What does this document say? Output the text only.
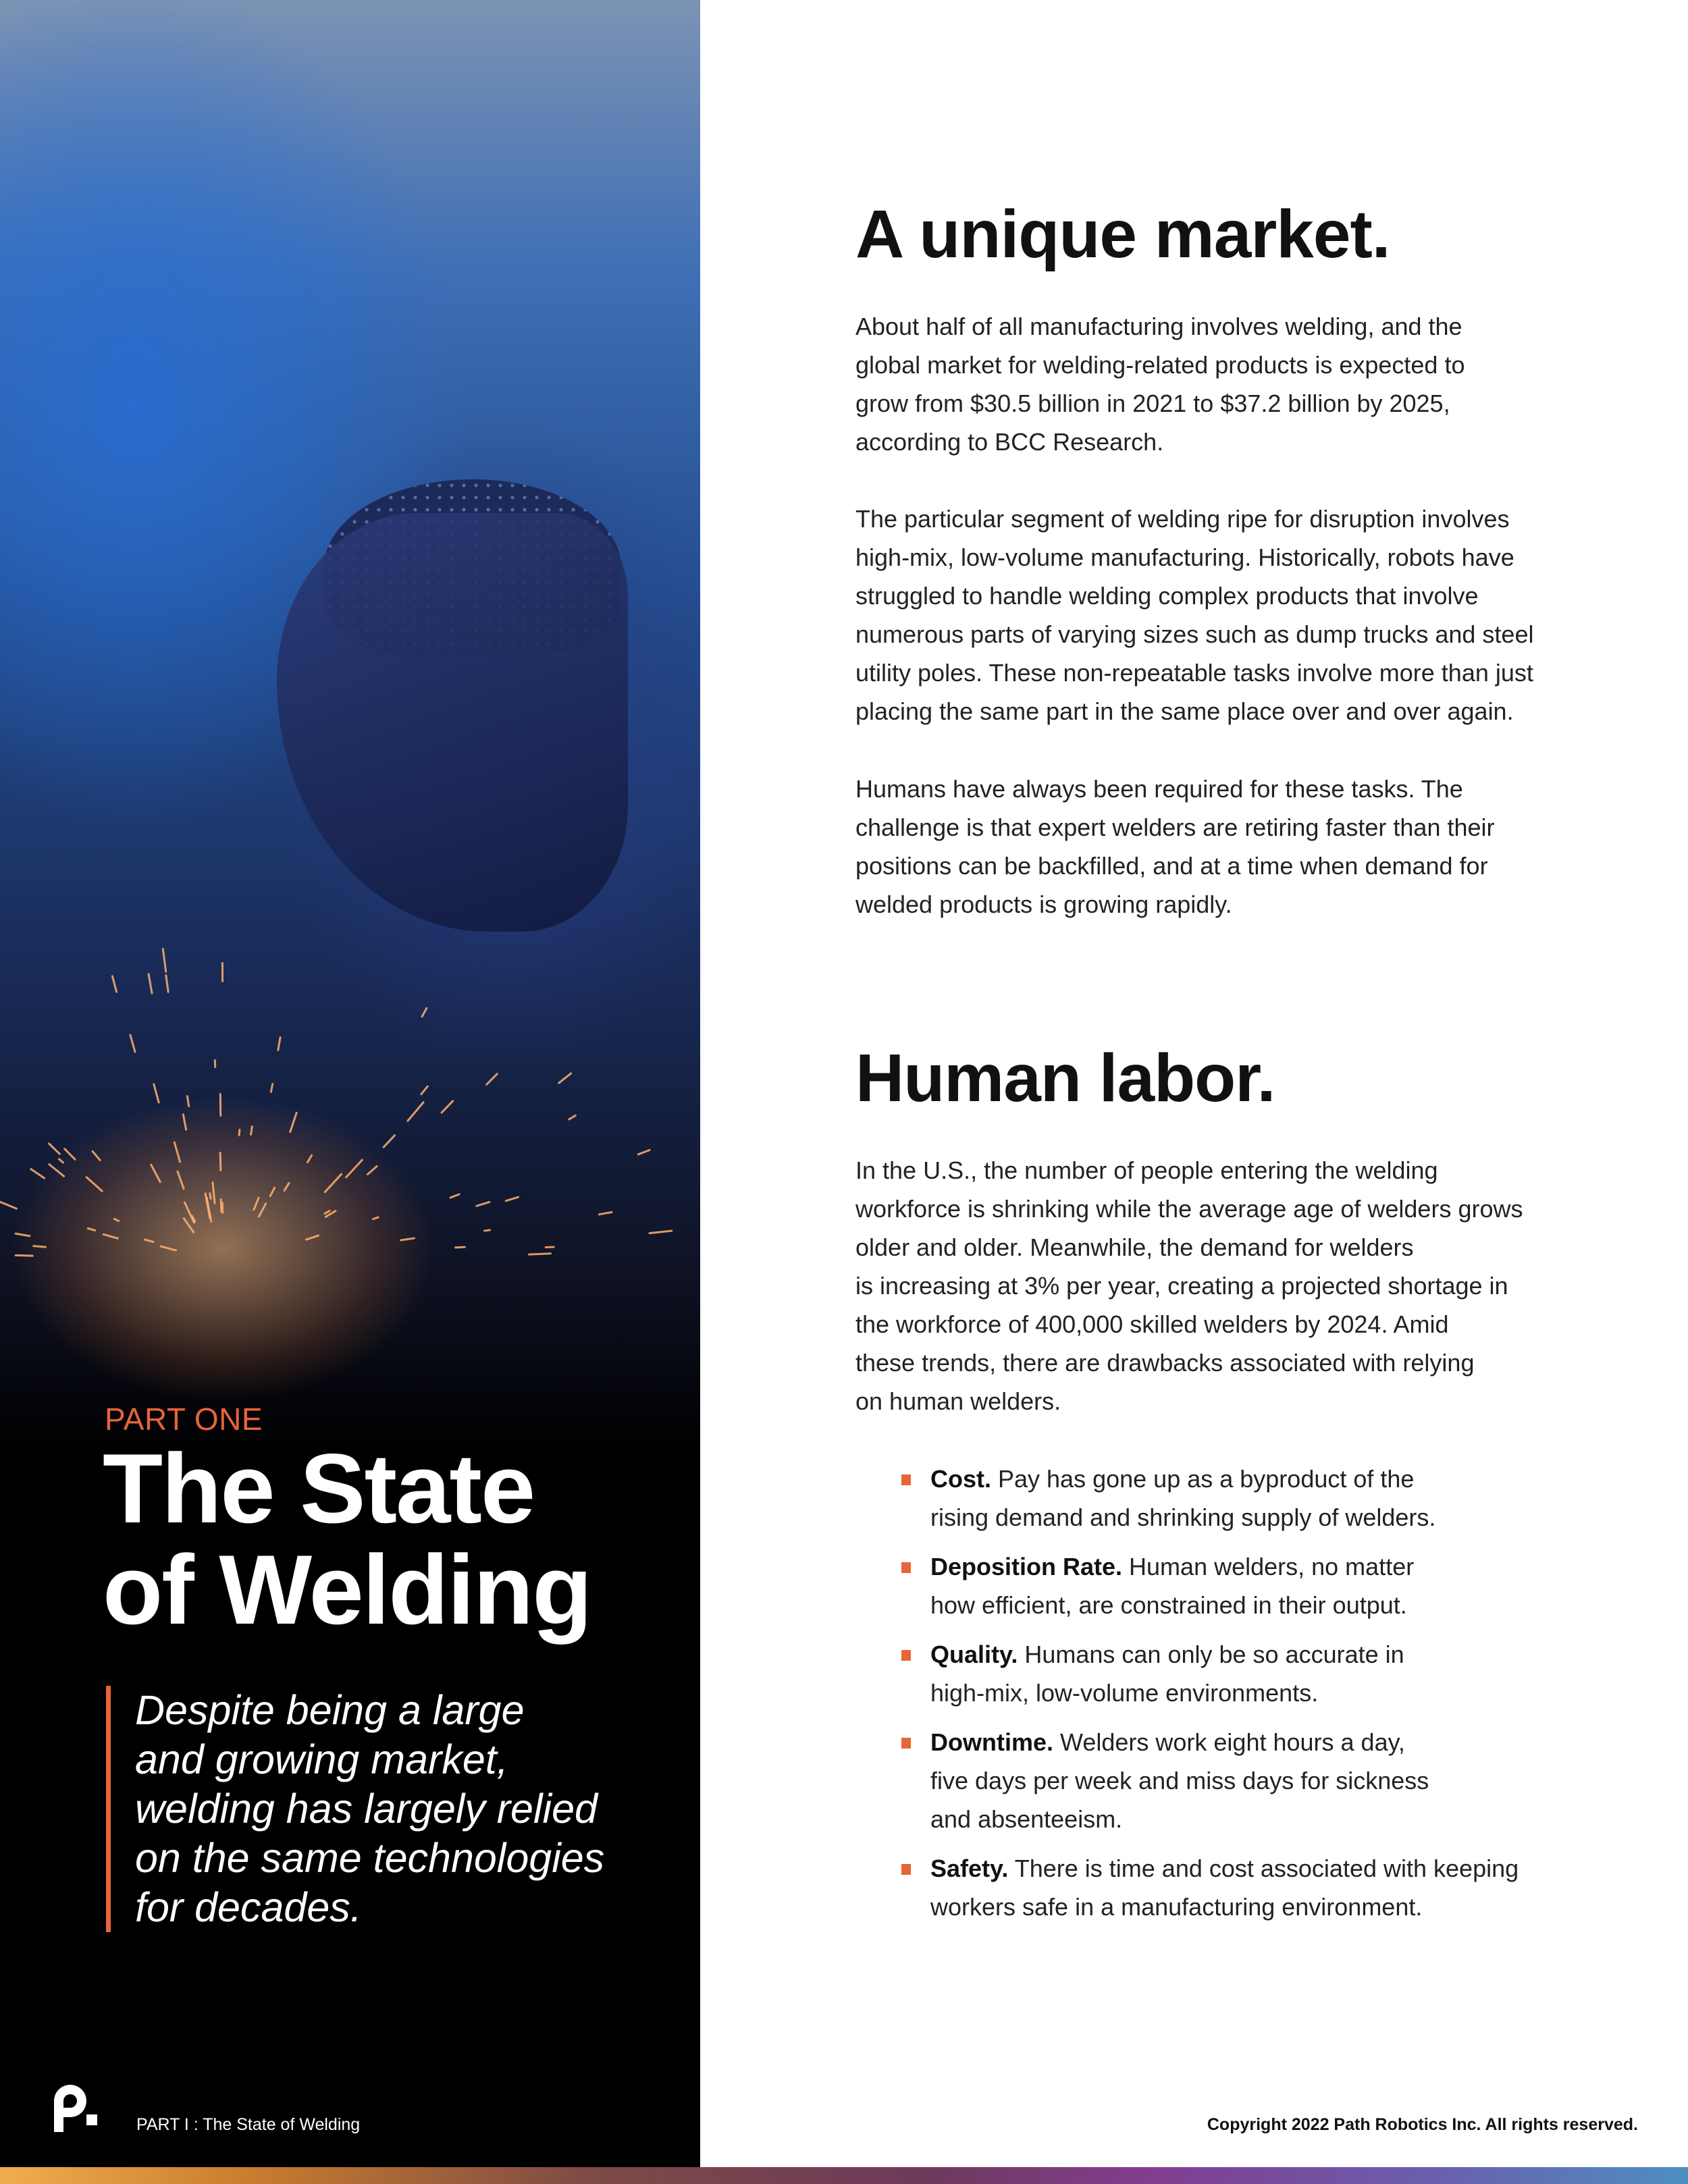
PART ONE
The State
of Welding
Despite being a large
and growing market,
welding has largely relied
on the same technologies
for decades.
PART I : The State of Welding
A unique market.
About half of all manufacturing involves welding, and the
global market for welding-related products is expected to
grow from $30.5 billion in 2021 to $37.2 billion by 2025,
according to BCC Research.
The particular segment of welding ripe for disruption involves
high-mix, low-volume manufacturing. Historically, robots have
struggled to handle welding complex products that involve
numerous parts of varying sizes such as dump trucks and steel
utility poles. These non-repeatable tasks involve more than just
placing the same part in the same place over and over again.
Humans have always been required for these tasks. The
challenge is that expert welders are retiring faster than their
positions can be backfilled, and at a time when demand for
welded products is growing rapidly.
Human labor.
In the U.S., the number of people entering the welding
workforce is shrinking while the average age of welders grows
older and older. Meanwhile, the demand for welders
is increasing at 3% per year, creating a projected shortage in
the workforce of 400,000 skilled welders by 2024. Amid
these trends, there are drawbacks associated with relying
on human welders.
Cost. Pay has gone up as a byproduct of the
rising demand and shrinking supply of welders.
Deposition Rate. Human welders, no matter
how efficient, are constrained in their output.
Quality. Humans can only be so accurate in
high-mix, low-volume environments.
Downtime. Welders work eight hours a day,
five days per week and miss days for sickness
and absenteeism.
Safety. There is time and cost associated with keeping
workers safe in a manufacturing environment.
Copyright 2022 Path Robotics Inc. All rights reserved.
